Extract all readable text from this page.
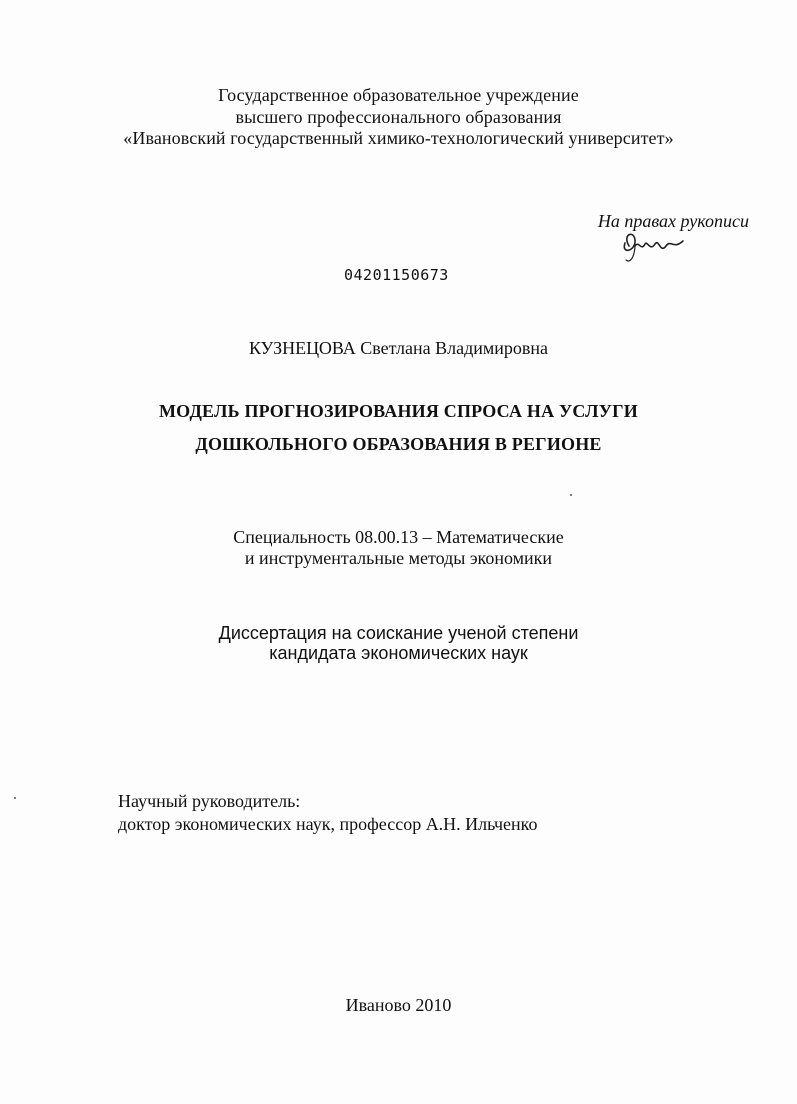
Государственное образовательное учреждение
высшего профессионального образования
«Ивановский государственный химико-технологический университет»
На правах рукописи
04201150673
КУЗНЕЦОВА Светлана Владимировна
МОДЕЛЬ ПРОГНОЗИРОВАНИЯ СПРОСА НА УСЛУГИ
ДОШКОЛЬНОГО ОБРАЗОВАНИЯ В РЕГИОНЕ
Специальность 08.00.13 – Математические
и инструментальные методы экономики
Диссертация на соискание ученой степени
кандидата экономических наук
Научный руководитель:
доктор экономических наук, профессор А.Н. Ильченко
Иваново 2010
